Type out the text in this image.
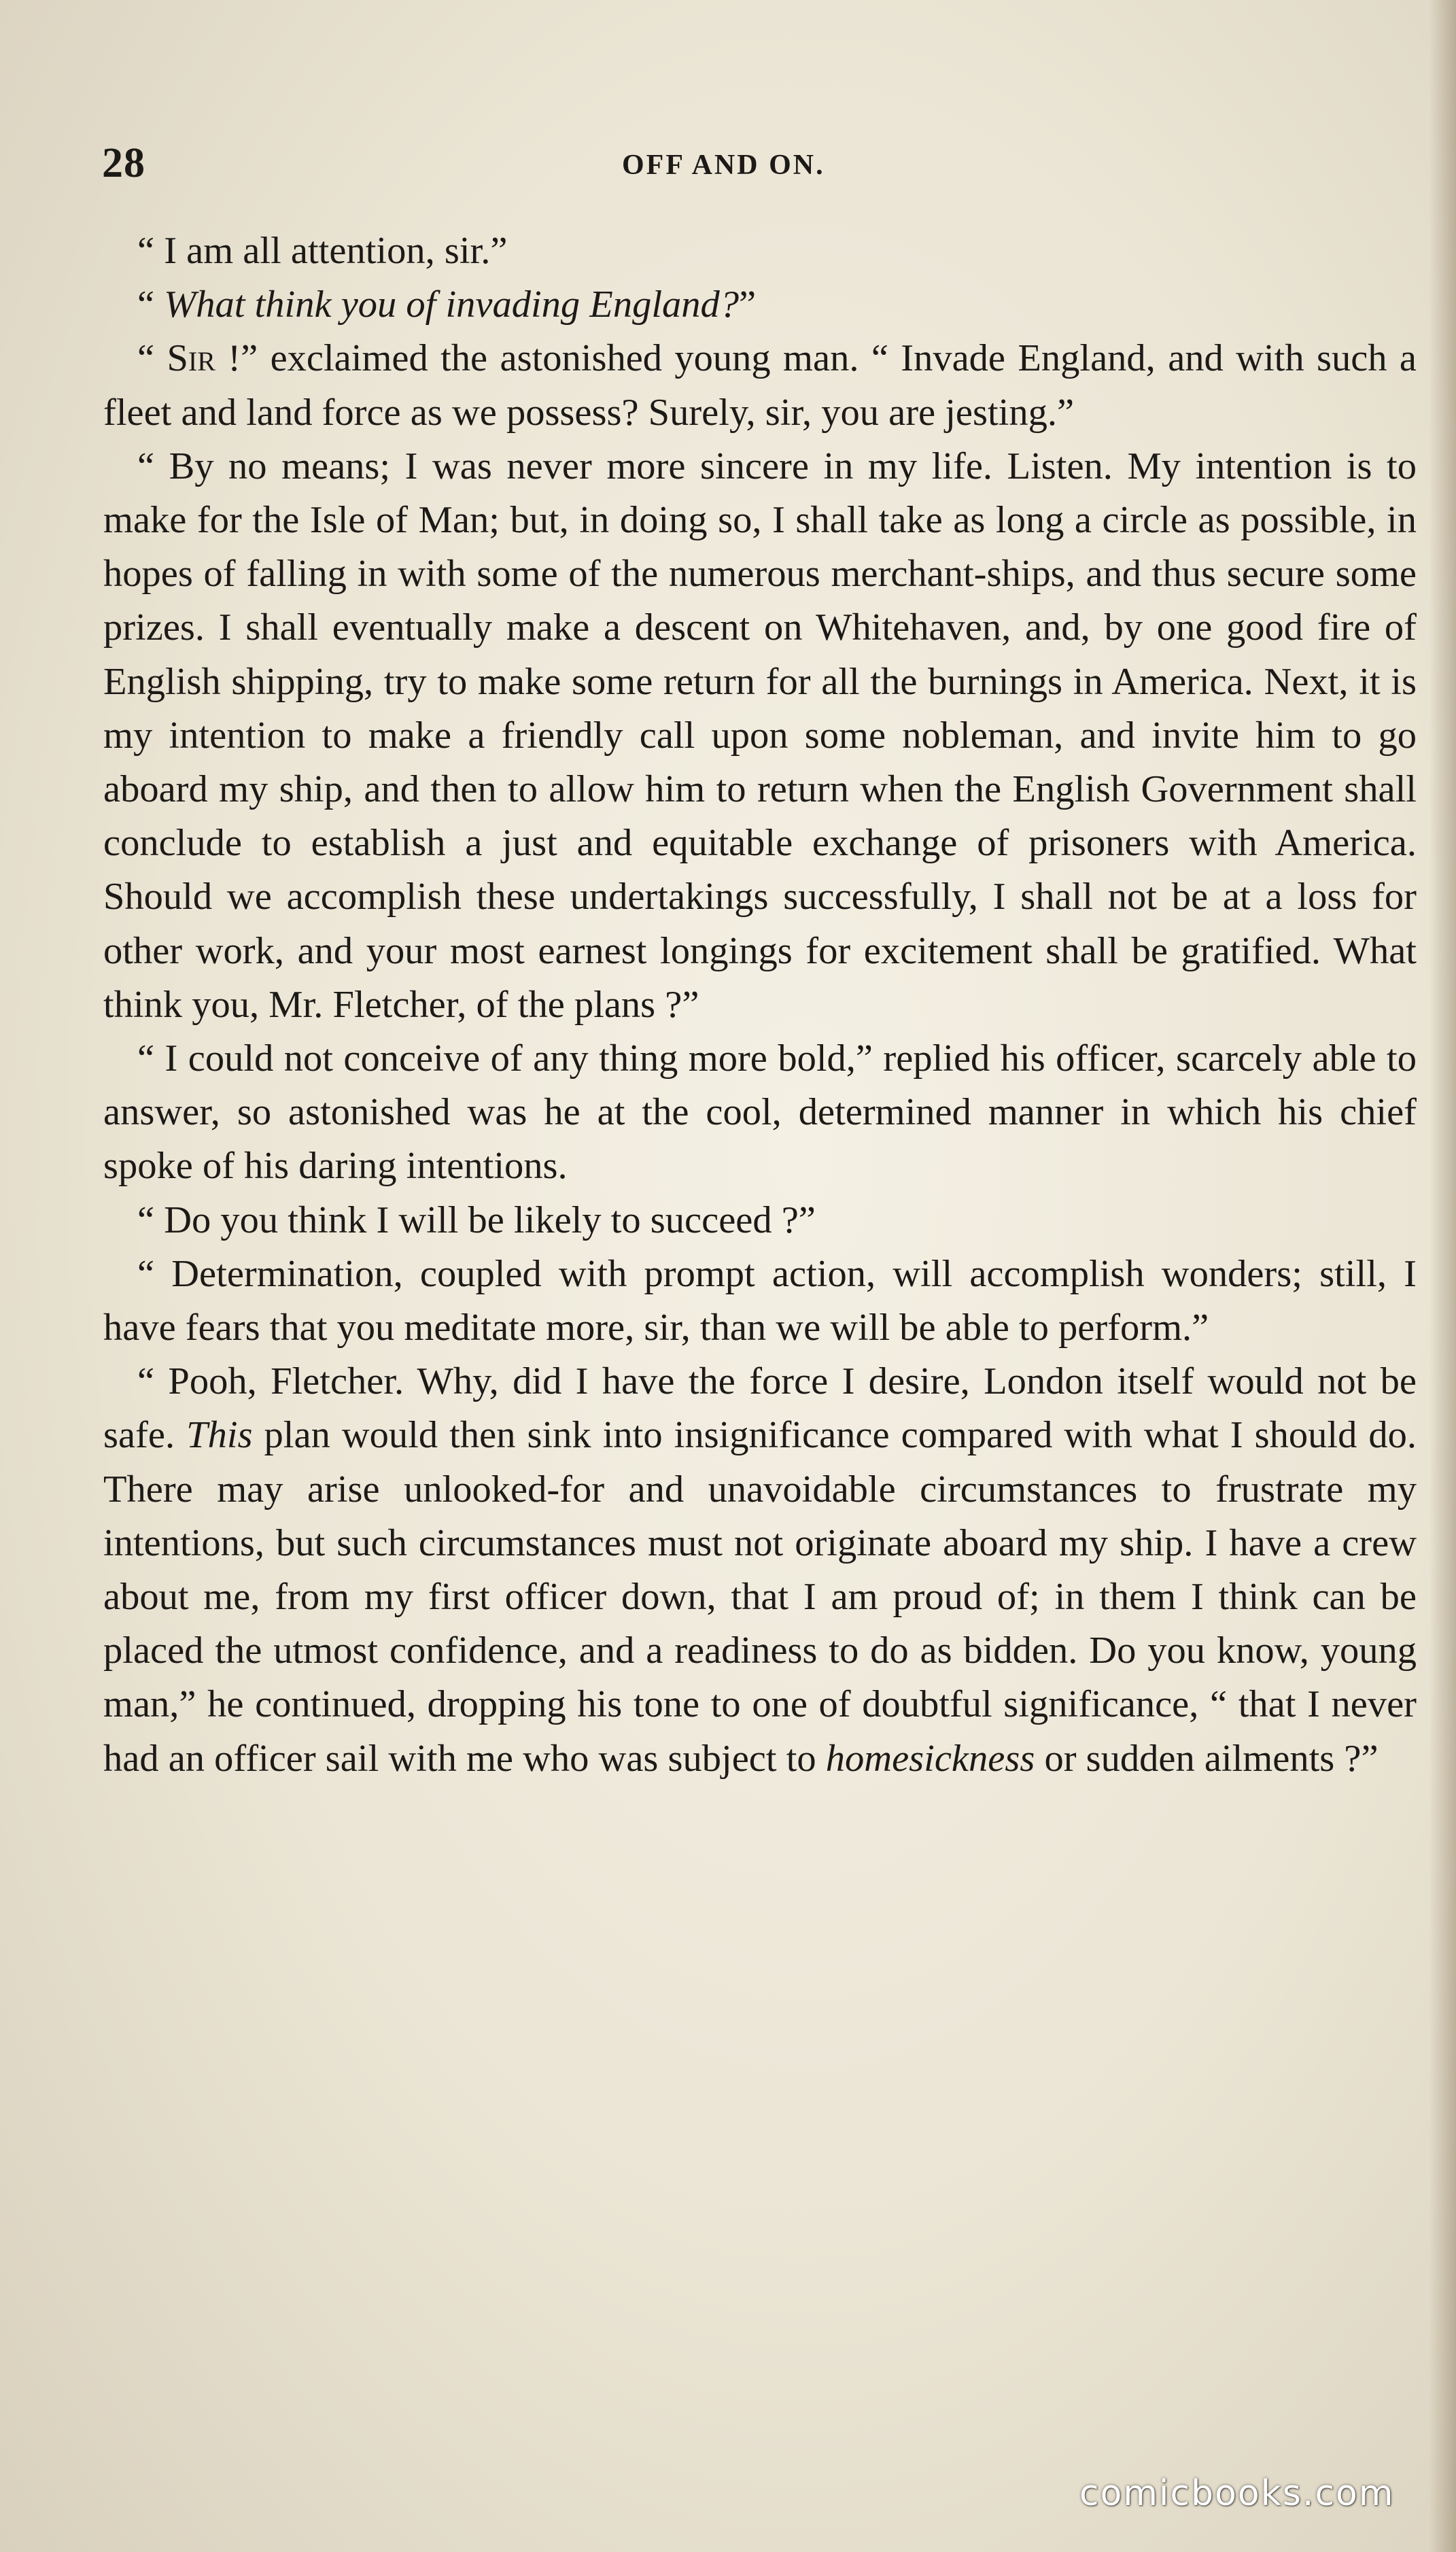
28	OFF AND ON.

“ I am all attention, sir.”

“ What think you of invading England?”

“ Sir !” exclaimed the astonished young man. “ Invade England, and with such a fleet and land force as we possess? Surely, sir, you are jesting.”

“ By no means; I was never more sincere in my life. Listen. My intention is to make for the Isle of Man; but, in doing so, I shall take as long a circle as possible, in hopes of falling in with some of the numerous merchant-ships, and thus secure some prizes. I shall eventually make a descent on Whitehaven, and, by one good fire of English shipping, try to make some return for all the burnings in America. Next, it is my intention to make a friendly call upon some nobleman, and invite him to go aboard my ship, and then to allow him to return when the English Government shall conclude to establish a just and equitable exchange of prisoners with America. Should we accomplish these undertakings successfully, I shall not be at a loss for other work, and your most earnest longings for excitement shall be gratified. What think you, Mr. Fletcher, of the plans ?”

“ I could not conceive of any thing more bold,” replied his officer, scarcely able to answer, so astonished was he at the cool, determined manner in which his chief spoke of his daring intentions.

“ Do you think I will be likely to succeed ?”

“ Determination, coupled with prompt action, will accomplish wonders; still, I have fears that you meditate more, sir, than we will be able to perform.”

“ Pooh, Fletcher. Why, did I have the force I desire, London itself would not be safe. This plan would then sink into insignificance compared with what I should do. There may arise unlooked-for and unavoidable circumstances to frustrate my intentions, but such circumstances must not originate aboard my ship. I have a crew about me, from my first officer down, that I am proud of; in them I think can be placed the utmost confidence, and a readiness to do as bidden. Do you know, young man,” he continued, dropping his tone to one of doubtful significance, “ that I never had an officer sail with me who was subject to homesickness or sudden ailments ?”

comicbooks.com
